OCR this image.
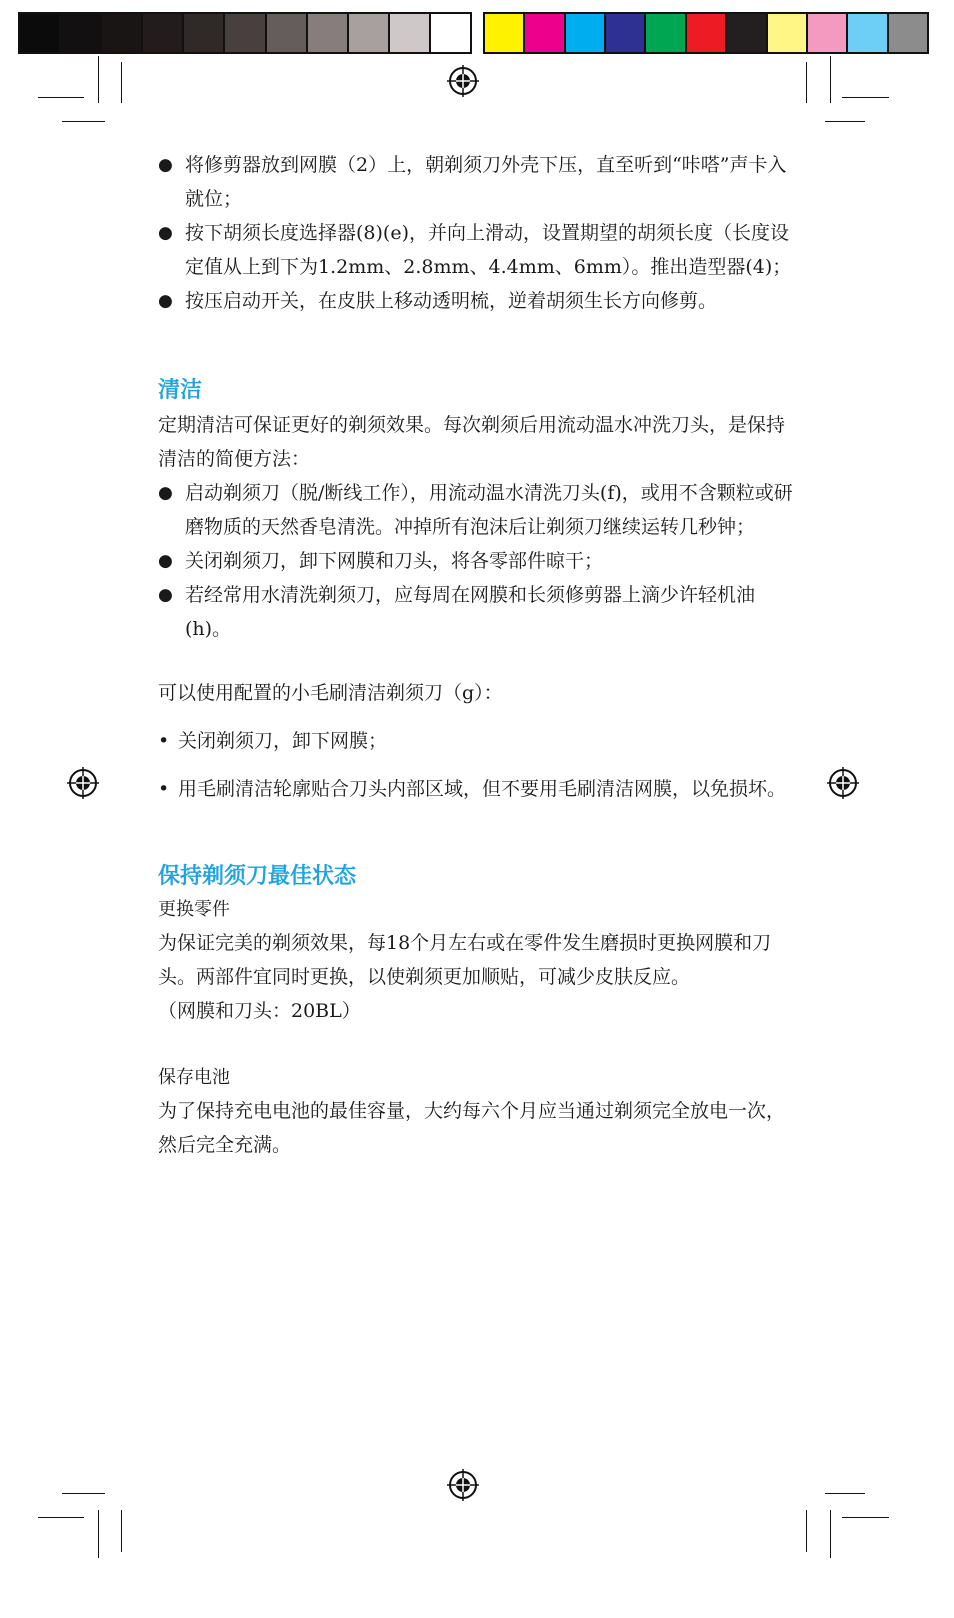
● 将修剪器放到网膜（2）上，朝剃须刀外壳下压，直至听到“咔嗒”声卡入就位；
● 按下胡须长度选择器(8)(e)，并向上滑动，设置期望的胡须长度（长度设定值从上到下为1.2mm、2.8mm、4.4mm、6mm）。推出造型器(4)；
● 按压启动开关，在皮肤上移动透明梳，逆着胡须生长方向修剪。
清洁

定期清洁可保证更好的剃须效果。每次剃须后用流动温水冲洗刀头，是保持清洁的简便方法：

● 启动剃须刀（脱/断线工作），用流动温水清洗刀头(f)，或用不含颗粒或研磨物质的天然香皂清洗。冲掉所有泡沫后让剃须刀继续运转几秒钟；
● 关闭剃须刀，卸下网膜和刀头，将各零部件晾干；
● 若经常用水清洗剃须刀，应每周在网膜和长须修剪器上滴少许轻机油(h)。

可以使用配置的小毛刷清洁剃须刀（g）：

• 关闭剃须刀，卸下网膜；
• 用毛刷清洁轮廓贴合刀头内部区域，但不要用毛刷清洁网膜，以免损坏。
保持剃须刀最佳状态
更换零件

为保证完美的剃须效果，每18个月左右或在零件发生磨损时更换网膜和刀头。两部件宜同时更换，以使剃须更加顺贴，可减少皮肤反应。

（网膜和刀头：20BL）

保存电池

为了保持充电电池的最佳容量，大约每六个月应当通过剃须完全放电一次，然后完全充满。
